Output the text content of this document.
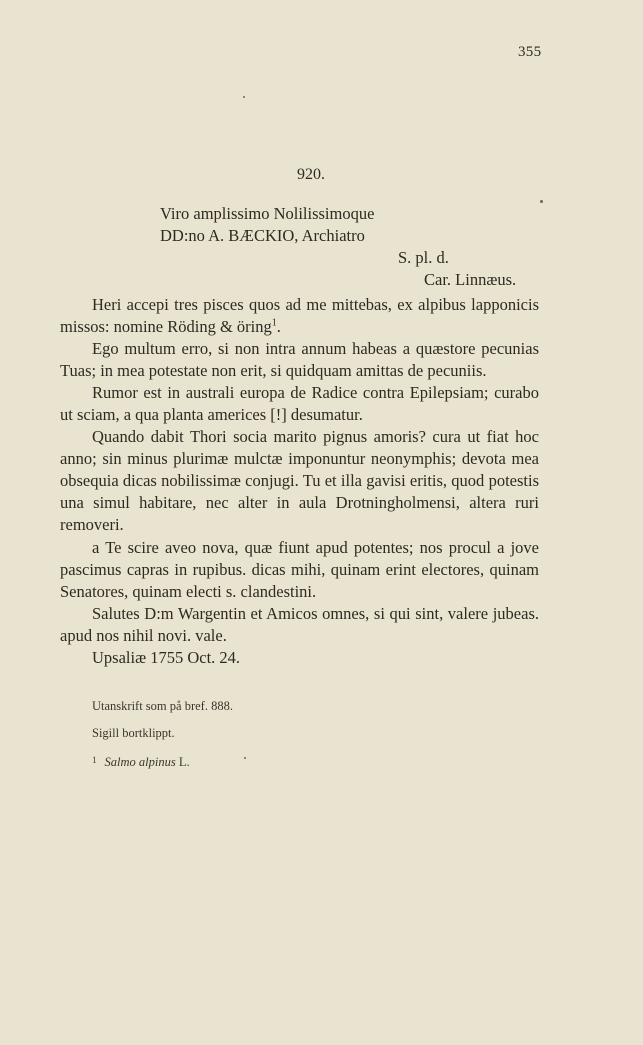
355
920.
Viro amplissimo Nolilissimoque
DD:no A. BÆCKIO, Archiatro
S. pl. d.
Car. Linnæus.

Heri accepi tres pisces quos ad me mittebas, ex alpibus lapponicis missos: nomine Röding & öring$^1$.

Ego multum erro, si non intra annum habeas a quæstore pecunias Tuas; in mea potestate non erit, si quidquam amittas de pecuniis.

Rumor est in australi europa de Radice contra Epilepsiam; curabo ut sciam, a qua planta americes [!] desumatur.

Quando dabit Thori socia marito pignus amoris? cura ut fiat hoc anno; sin minus plurimæ mulctæ imponuntur neonymphis; devota mea obsequia dicas nobilissimæ conjugi. Tu et illa gavisi eritis, quod potestis una simul habitare, nec alter in aula Drotningholmensi, altera ruri removeri.

a Te scire aveo nova, quæ fiunt apud potentes; nos procul a jove pascimus capras in rupibus. dicas mihi, quinam erint electores, quinam Senatores, quinam electi s. clandestini.

Salutes D:m Wargentin et Amicos omnes, si qui sint, valere jubeas. apud nos nihil novi. vale.

Upsaliæ 1755 Oct. 24.

Utanskrift som på bref. 888.
Sigill bortklippt.
$^1$ Salmo alpinus L.
